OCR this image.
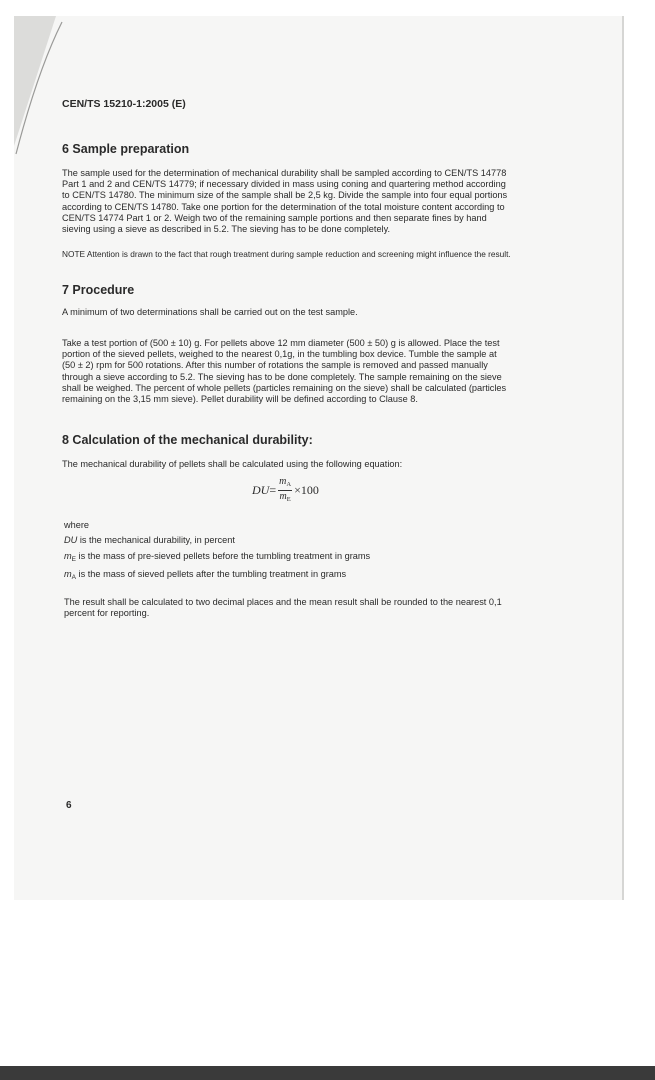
CEN/TS 15210-1:2005 (E)

6 Sample preparation

The sample used for the determination of mechanical durability shall be sampled according to CEN/TS 14778 Part 1 and 2 and CEN/TS 14779; if necessary divided in mass using coning and quartering method according to CEN/TS 14780. The minimum size of the sample shall be 2,5 kg. Divide the sample into four equal portions according to CEN/TS 14780. Take one portion for the determination of the total moisture content according to CEN/TS 14774 Part 1 or 2. Weigh two of the remaining sample portions and then separate fines by hand sieving using a sieve as described in 5.2. The sieving has to be done completely.

NOTE Attention is drawn to the fact that rough treatment during sample reduction and screening might influence the result.

7 Procedure

A minimum of two determinations shall be carried out on the test sample.

Take a test portion of (500 ± 10) g. For pellets above 12 mm diameter (500 ± 50) g is allowed. Place the test portion of the sieved pellets, weighed to the nearest 0,1g, in the tumbling box device. Tumble the sample at (50 ± 2) rpm for 500 rotations. After this number of rotations the sample is removed and passed manually through a sieve according to 5.2. The sieving has to be done completely. The sample remaining on the sieve shall be weighed. The percent of whole pellets (particles remaining on the sieve) shall be calculated (particles remaining on the 3,15 mm sieve). Pellet durability will be defined according to Clause 8.

8 Calculation of the mechanical durability:

The mechanical durability of pellets shall be calculated using the following equation:

DU = $\frac{m_A}{m_E} \times 100$

where

DU is the mechanical durability, in percent
$m_E$ is the mass of pre-sieved pellets before the tumbling treatment in grams
$m_A$ is the mass of sieved pellets after the tumbling treatment in grams

The result shall be calculated to two decimal places and the mean result shall be rounded to the nearest 0,1 percent for reporting.

6
